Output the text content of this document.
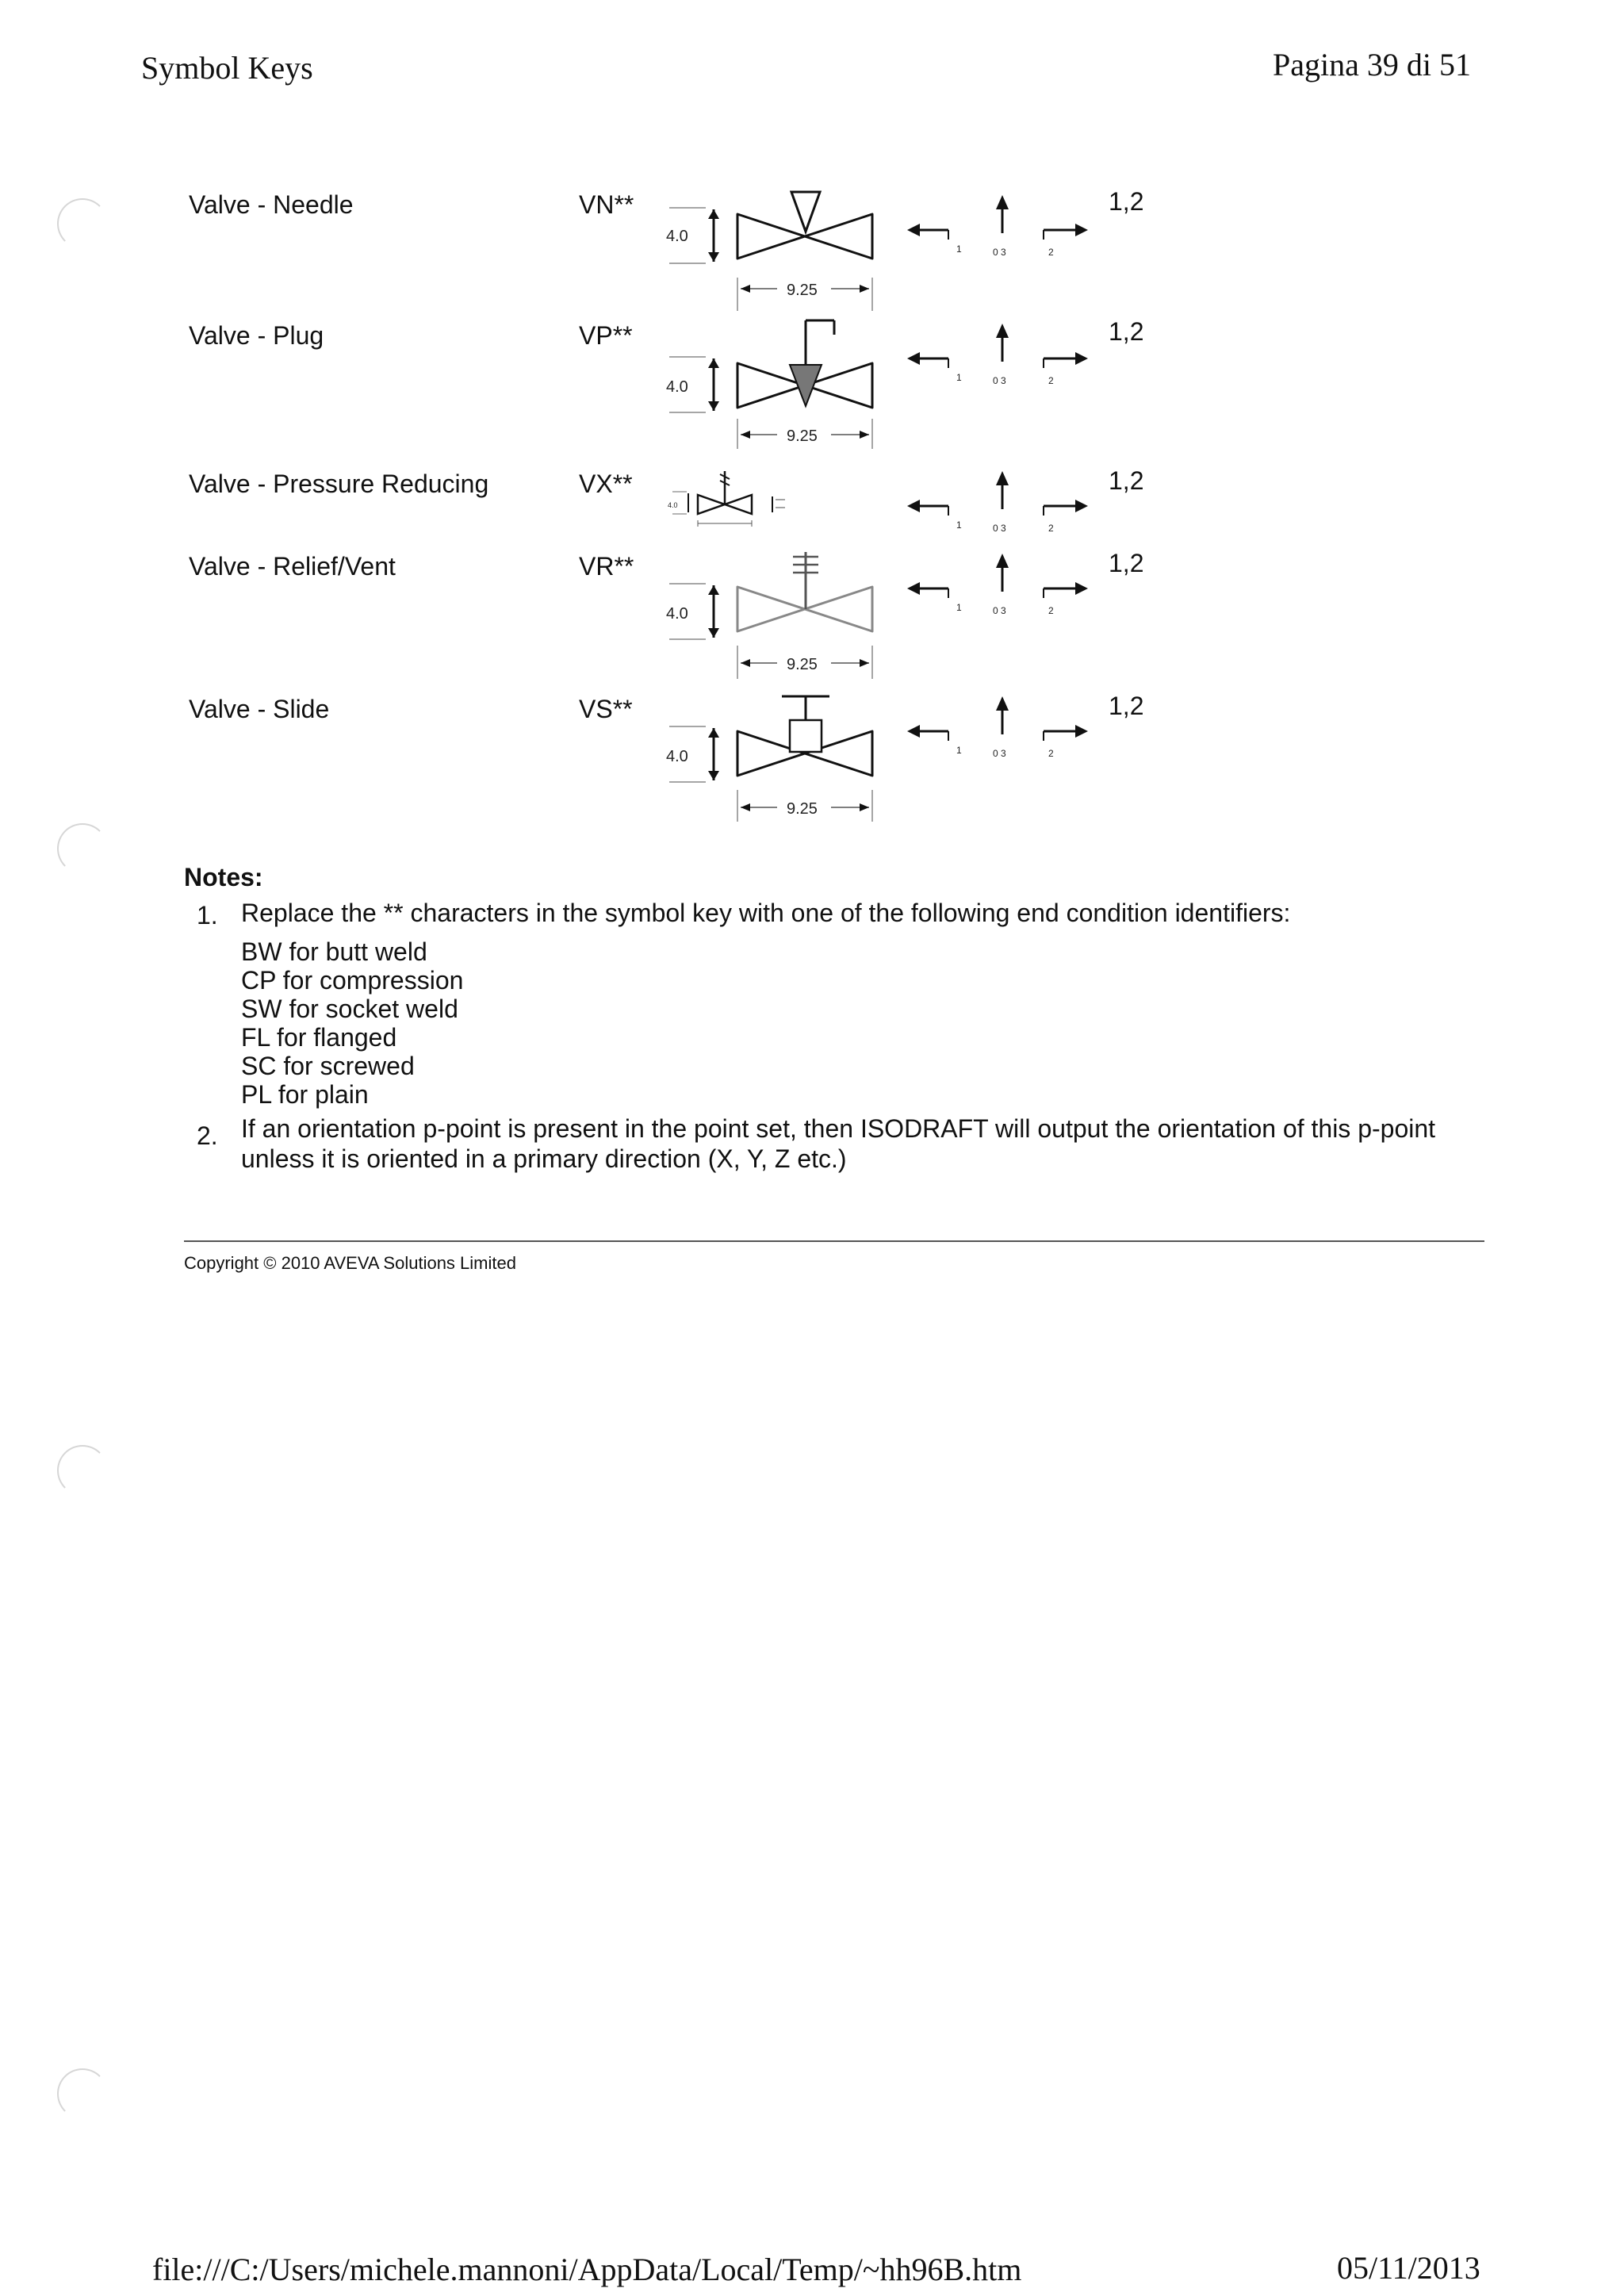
Symbol Keys	Pagina 39 di 51
Valve - Needle	VN**	1,2
4.0
9.25
1	0 3	2
Valve - Plug	VP**	1,2
4.0
9.25
1	0 3	2
Valve - Pressure Reducing	VX**	1,2
4.0
1	0 3	2
Valve - Relief/Vent	VR**	1,2
4.0
9.25
1	0 3	2
Valve - Slide	VS**	1,2
4.0
9.25
1	0 3	2
Notes:
1. Replace the ** characters in the symbol key with one of the following end condition identifiers:
BW for butt weld
CP for compression
SW for socket weld
FL for flanged
SC for screwed
PL for plain
2. If an orientation p-point is present in the point set, then ISODRAFT will output the orientation of this p-point
unless it is oriented in a primary direction (X, Y, Z etc.)
Copyright © 2010 AVEVA Solutions Limited
file:///C:/Users/michele.mannoni/AppData/Local/Temp/~hh96B.htm	05/11/2013
